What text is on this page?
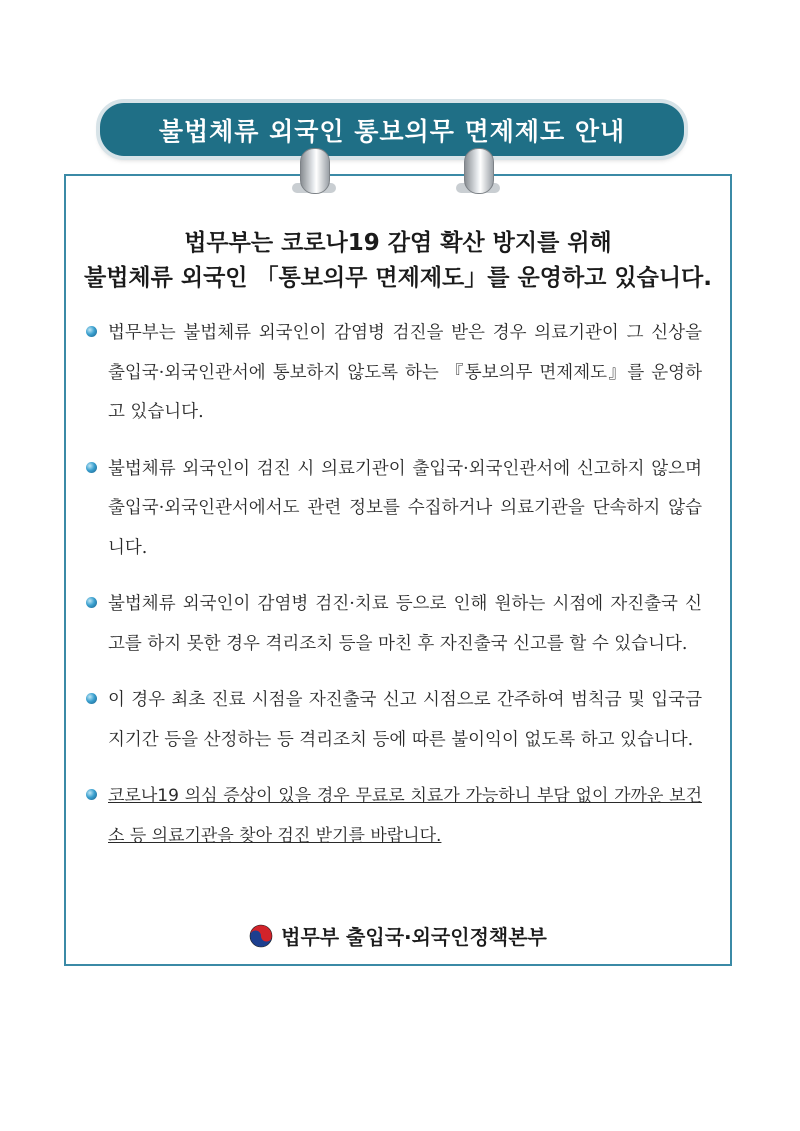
불법체류 외국인 통보의무 면제제도 안내
법무부는 코로나19 감염 확산 방지를 위해
불법체류 외국인 「통보의무 면제제도」를 운영하고 있습니다.
법무부는 불법체류 외국인이 감염병 검진을 받은 경우 의료기관이 그 신상을 출입국·외국인관서에 통보하지 않도록 하는 『통보의무 면제제도』를 운영하고 있습니다.
불법체류 외국인이 검진 시 의료기관이 출입국·외국인관서에 신고하지 않으며 출입국·외국인관서에서도 관련 정보를 수집하거나 의료기관을 단속하지 않습니다.
불법체류 외국인이 감염병 검진·치료 등으로 인해 원하는 시점에 자진출국 신고를 하지 못한 경우 격리조치 등을 마친 후 자진출국 신고를 할 수 있습니다.
이 경우 최초 진료 시점을 자진출국 신고 시점으로 간주하여 범칙금 및 입국금지기간 등을 산정하는 등 격리조치 등에 따른 불이익이 없도록 하고 있습니다.
코로나19 의심 증상이 있을 경우 무료로 치료가 가능하니 부담 없이 가까운 보건소 등 의료기관을 찾아 검진 받기를 바랍니다.
법무부 출입국·외국인정책본부
